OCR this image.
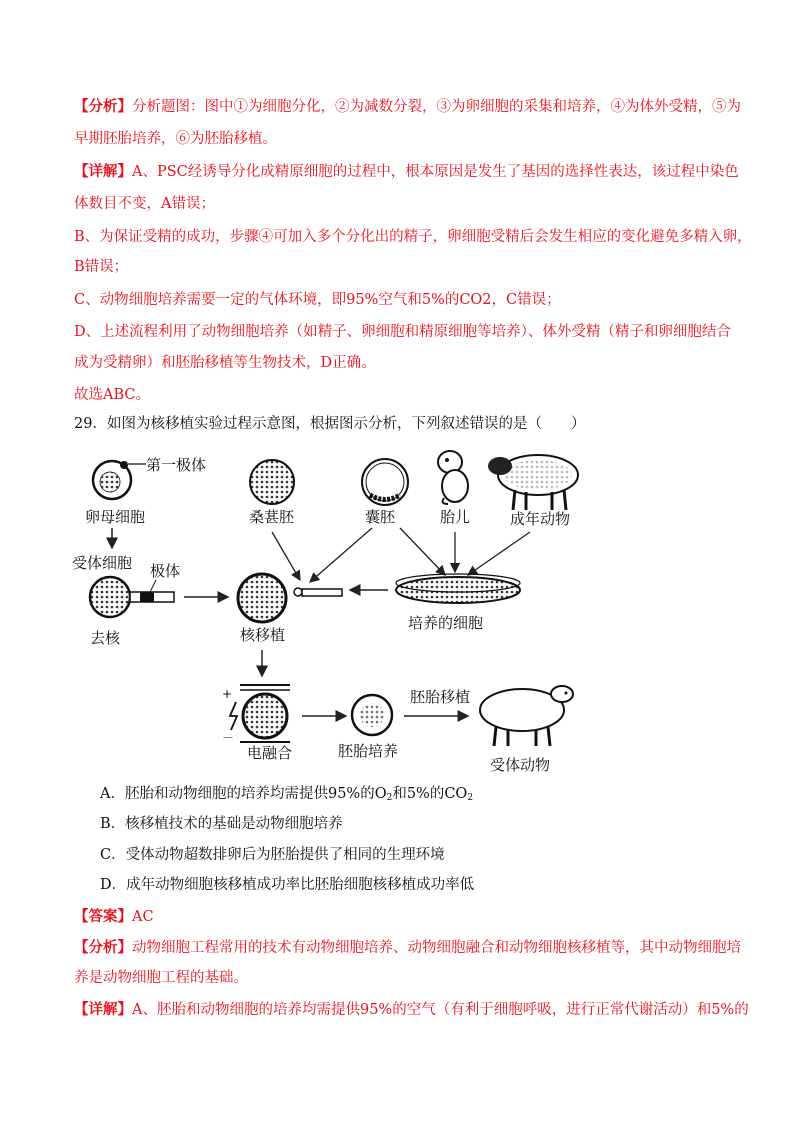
【分析】分析题图：图中①为细胞分化，②为减数分裂，③为卵细胞的采集和培养，④为体外受精，⑤为
早期胚胎培养，⑥为胚胎移植。
【详解】A、PSC经诱导分化成精原细胞的过程中，根本原因是发生了基因的选择性表达，该过程中染色
体数目不变，A错误；
B、为保证受精的成功，步骤④可加入多个分化出的精子，卵细胞受精后会发生相应的变化避免多精入卵，
B错误；
C、动物细胞培养需要一定的气体环境，即95%空气和5%的CO2，C错误；
D、上述流程利用了动物细胞培养（如精子、卵细胞和精原细胞等培养）、体外受精（精子和卵细胞结合
成为受精卵）和胚胎移植等生物技术，D正确。
故选ABC。
29．如图为核移植实验过程示意图，根据图示分析，下列叙述错误的是（　　）
第一极体
卵母细胞	桑葚胚	囊胚	胎儿	成年动物
受体细胞 极体
去核	核移植
培养的细胞
+
－
电融合	胚胎培养
胚胎移植
受体动物
A．胚胎和动物细胞的培养均需提供95%的$O_2$和5%的$CO_2$
B．核移植技术的基础是动物细胞培养
C．受体动物超数排卵后为胚胎提供了相同的生理环境
D．成年动物细胞核移植成功率比胚胎细胞核移植成功率低
【答案】AC
【分析】动物细胞工程常用的技术有动物细胞培养、动物细胞融合和动物细胞核移植等，其中动物细胞培
养是动物细胞工程的基础。
【详解】A、胚胎和动物细胞的培养均需提供95%的空气（有利于细胞呼吸，进行正常代谢活动）和5%的
